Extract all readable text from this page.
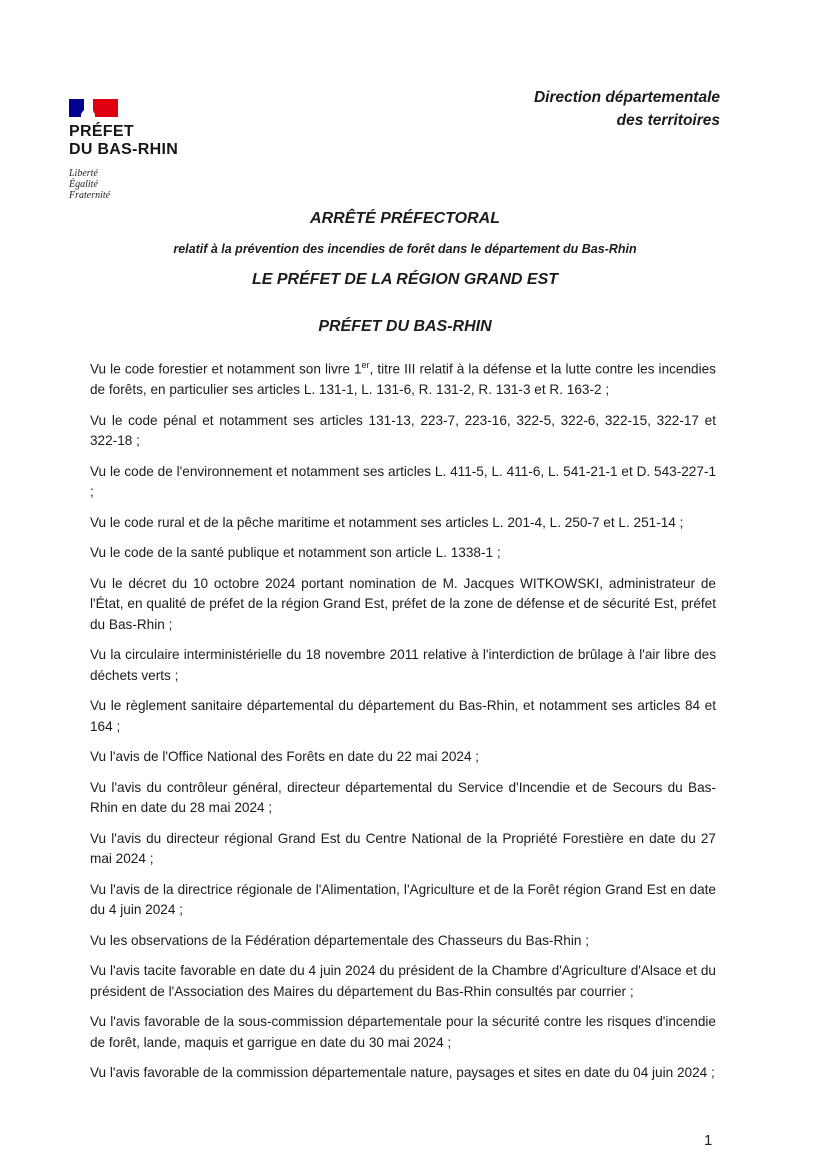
PRÉFET
DU BAS-RHIN
Liberté
Égalité
Fraternité
Direction départementale
des territoires
ARRÊTÉ PRÉFECTORAL
relatif à la prévention des incendies de forêt dans le département du Bas-Rhin
LE PRÉFET DE LA RÉGION GRAND EST
PRÉFET DU BAS-RHIN

Vu le code forestier et notamment son livre 1er, titre III relatif à la défense et la lutte contre les incendies de forêts, en particulier ses articles L. 131-1, L. 131-6, R. 131-2, R. 131-3 et R. 163-2 ;

Vu le code pénal et notamment ses articles 131-13, 223-7, 223-16, 322-5, 322-6, 322-15, 322-17 et 322-18 ;

Vu le code de l'environnement et notamment ses articles L. 411-5, L. 411-6, L. 541-21-1 et D. 543-227-1 ;

Vu le code rural et de la pêche maritime et notamment ses articles L. 201-4, L. 250-7 et L. 251-14 ;

Vu le code de la santé publique et notamment son article L. 1338-1 ;

Vu le décret du 10 octobre 2024 portant nomination de M. Jacques WITKOWSKI, administrateur de l'État, en qualité de préfet de la région Grand Est, préfet de la zone de défense et de sécurité Est, préfet du Bas-Rhin ;

Vu la circulaire interministérielle du 18 novembre 2011 relative à l'interdiction de brûlage à l'air libre des déchets verts ;

Vu le règlement sanitaire départemental du département du Bas-Rhin, et notamment ses articles 84 et 164 ;

Vu l'avis de l'Office National des Forêts en date du 22 mai 2024 ;

Vu l'avis du contrôleur général, directeur départemental du Service d'Incendie et de Secours du Bas-Rhin en date du 28 mai 2024 ;

Vu l'avis du directeur régional Grand Est du Centre National de la Propriété Forestière en date du 27 mai 2024 ;

Vu l'avis de la directrice régionale de l'Alimentation, l'Agriculture et de la Forêt région Grand Est en date du 4 juin 2024 ;

Vu les observations de la Fédération départementale des Chasseurs du Bas-Rhin ;

Vu l'avis tacite favorable en date du 4 juin 2024 du président de la Chambre d'Agriculture d'Alsace et du président de l'Association des Maires du département du Bas-Rhin consultés par courrier ;

Vu l'avis favorable de la sous-commission départementale pour la sécurité contre les risques d'incendie de forêt, lande, maquis et garrigue en date du 30 mai 2024 ;

Vu l'avis favorable de la commission départementale nature, paysages et sites en date du 04 juin 2024 ;

1
